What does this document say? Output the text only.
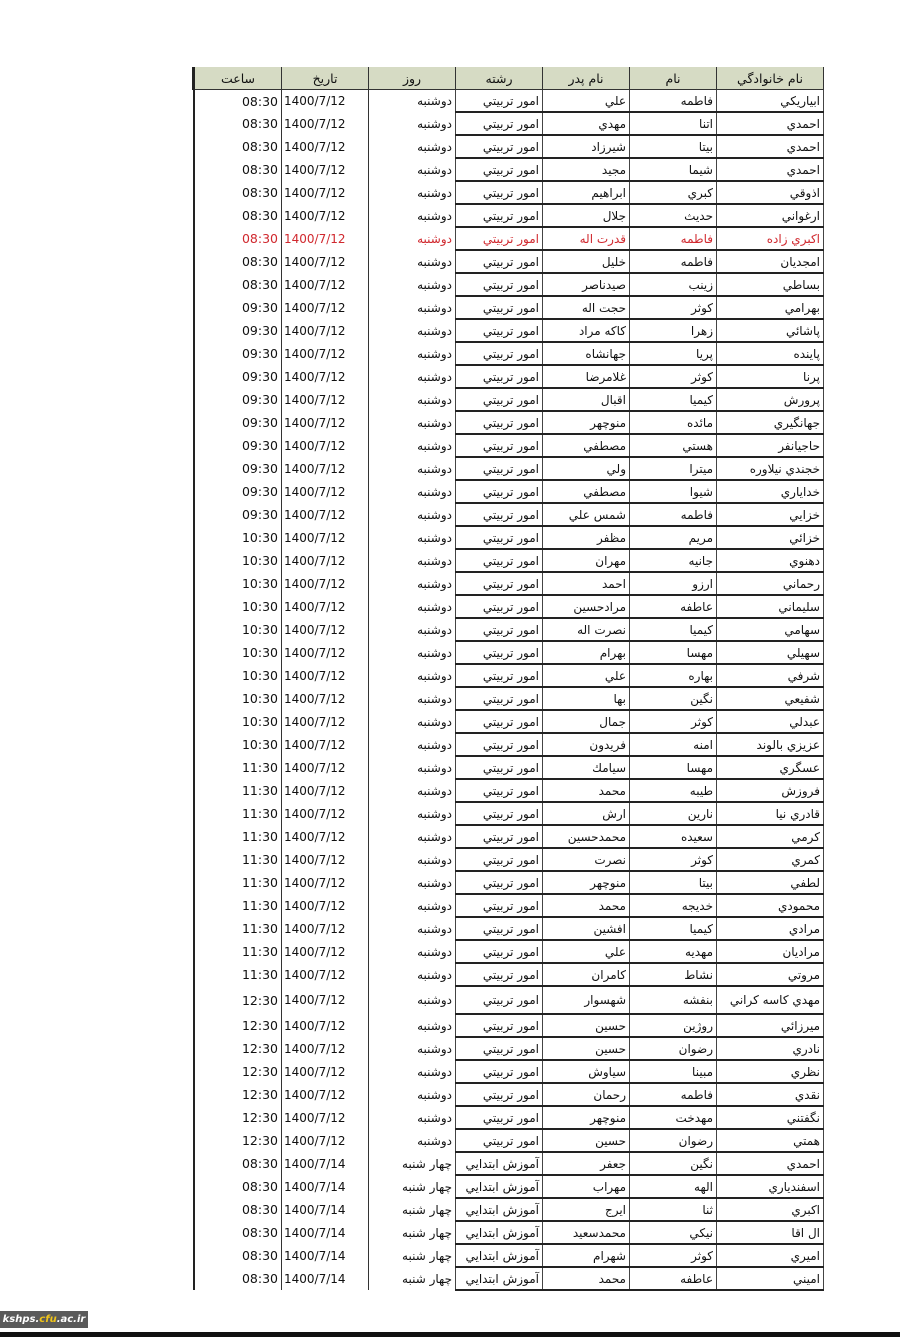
نام خانوادگي	نام	نام پدر	رشته	روز	تاريخ	ساعت
ابياريكي	فاطمه	علي	امور تربيتي	دوشنبه	1400/7/12	08:30
احمدي	اتنا	مهدي	امور تربيتي	دوشنبه	1400/7/12	08:30
احمدي	بيتا	شيرزاد	امور تربيتي	دوشنبه	1400/7/12	08:30
احمدي	شيما	مجيد	امور تربيتي	دوشنبه	1400/7/12	08:30
اذوقي	كبري	ابراهيم	امور تربيتي	دوشنبه	1400/7/12	08:30
ارغواني	حديث	جلال	امور تربيتي	دوشنبه	1400/7/12	08:30
اكبري زاده	فاطمه	قدرت اله	امور تربيتي	دوشنبه	1400/7/12	08:30
امجديان	فاطمه	خليل	امور تربيتي	دوشنبه	1400/7/12	08:30
بساطي	زينب	صيدناصر	امور تربيتي	دوشنبه	1400/7/12	08:30
بهرامي	كوثر	حجت اله	امور تربيتي	دوشنبه	1400/7/12	09:30
پاشائي	زهرا	كاكه مراد	امور تربيتي	دوشنبه	1400/7/12	09:30
پاينده	پريا	جهانشاه	امور تربيتي	دوشنبه	1400/7/12	09:30
پرنا	كوثر	غلامرضا	امور تربيتي	دوشنبه	1400/7/12	09:30
پرورش	كيميا	اقبال	امور تربيتي	دوشنبه	1400/7/12	09:30
جهانگيري	مائده	منوچهر	امور تربيتي	دوشنبه	1400/7/12	09:30
حاجيانفر	هستي	مصطفي	امور تربيتي	دوشنبه	1400/7/12	09:30
خجندي نيلاوره	ميترا	ولي	امور تربيتي	دوشنبه	1400/7/12	09:30
خداياري	شيوا	مصطفي	امور تربيتي	دوشنبه	1400/7/12	09:30
خزايي	فاطمه	شمس علي	امور تربيتي	دوشنبه	1400/7/12	09:30
خزائي	مريم	مظفر	امور تربيتي	دوشنبه	1400/7/12	10:30
دهنوي	جانيه	مهران	امور تربيتي	دوشنبه	1400/7/12	10:30
رحماني	ارزو	احمد	امور تربيتي	دوشنبه	1400/7/12	10:30
سليماني	عاطفه	مرادحسين	امور تربيتي	دوشنبه	1400/7/12	10:30
سهامي	كيميا	نصرت اله	امور تربيتي	دوشنبه	1400/7/12	10:30
سهيلي	مهسا	بهرام	امور تربيتي	دوشنبه	1400/7/12	10:30
شرفي	بهاره	علي	امور تربيتي	دوشنبه	1400/7/12	10:30
شفيعي	نگين	بها	امور تربيتي	دوشنبه	1400/7/12	10:30
عبدلي	كوثر	جمال	امور تربيتي	دوشنبه	1400/7/12	10:30
عزيزي بالوند	امنه	فريدون	امور تربيتي	دوشنبه	1400/7/12	10:30
عسگري	مهسا	سيامك	امور تربيتي	دوشنبه	1400/7/12	11:30
فروزش	طيبه	محمد	امور تربيتي	دوشنبه	1400/7/12	11:30
قادري نيا	نارين	ارش	امور تربيتي	دوشنبه	1400/7/12	11:30
كرمي	سعيده	محمدحسين	امور تربيتي	دوشنبه	1400/7/12	11:30
كمري	كوثر	نصرت	امور تربيتي	دوشنبه	1400/7/12	11:30
لطفي	بيتا	منوچهر	امور تربيتي	دوشنبه	1400/7/12	11:30
محمودي	خديجه	محمد	امور تربيتي	دوشنبه	1400/7/12	11:30
مرادي	كيميا	افشين	امور تربيتي	دوشنبه	1400/7/12	11:30
مراديان	مهديه	علي	امور تربيتي	دوشنبه	1400/7/12	11:30
مروتي	نشاط	كامران	امور تربيتي	دوشنبه	1400/7/12	11:30
مهدي كاسه كراني	بنفشه	شهسوار	امور تربيتي	دوشنبه	1400/7/12	12:30
ميرزائي	روژين	حسين	امور تربيتي	دوشنبه	1400/7/12	12:30
نادري	رضوان	حسين	امور تربيتي	دوشنبه	1400/7/12	12:30
نظري	مبينا	سياوش	امور تربيتي	دوشنبه	1400/7/12	12:30
نقدي	فاطمه	رحمان	امور تربيتي	دوشنبه	1400/7/12	12:30
نگفتني	مهدخت	منوچهر	امور تربيتي	دوشنبه	1400/7/12	12:30
همتي	رضوان	حسين	امور تربيتي	دوشنبه	1400/7/12	12:30
احمدي	نگين	جعفر	آموزش ابتدايي	چهار شنبه	1400/7/14	08:30
اسفندياري	الهه	مهراب	آموزش ابتدايي	چهار شنبه	1400/7/14	08:30
اكبري	ثنا	ايرج	آموزش ابتدايي	چهار شنبه	1400/7/14	08:30
ال اقا	نيكي	محمدسعيد	آموزش ابتدايي	چهار شنبه	1400/7/14	08:30
اميري	كوثر	شهرام	آموزش ابتدايي	چهار شنبه	1400/7/14	08:30
اميني	عاطفه	محمد	آموزش ابتدايي	چهار شنبه	1400/7/14	08:30
kshps.cfu.ac.ir
